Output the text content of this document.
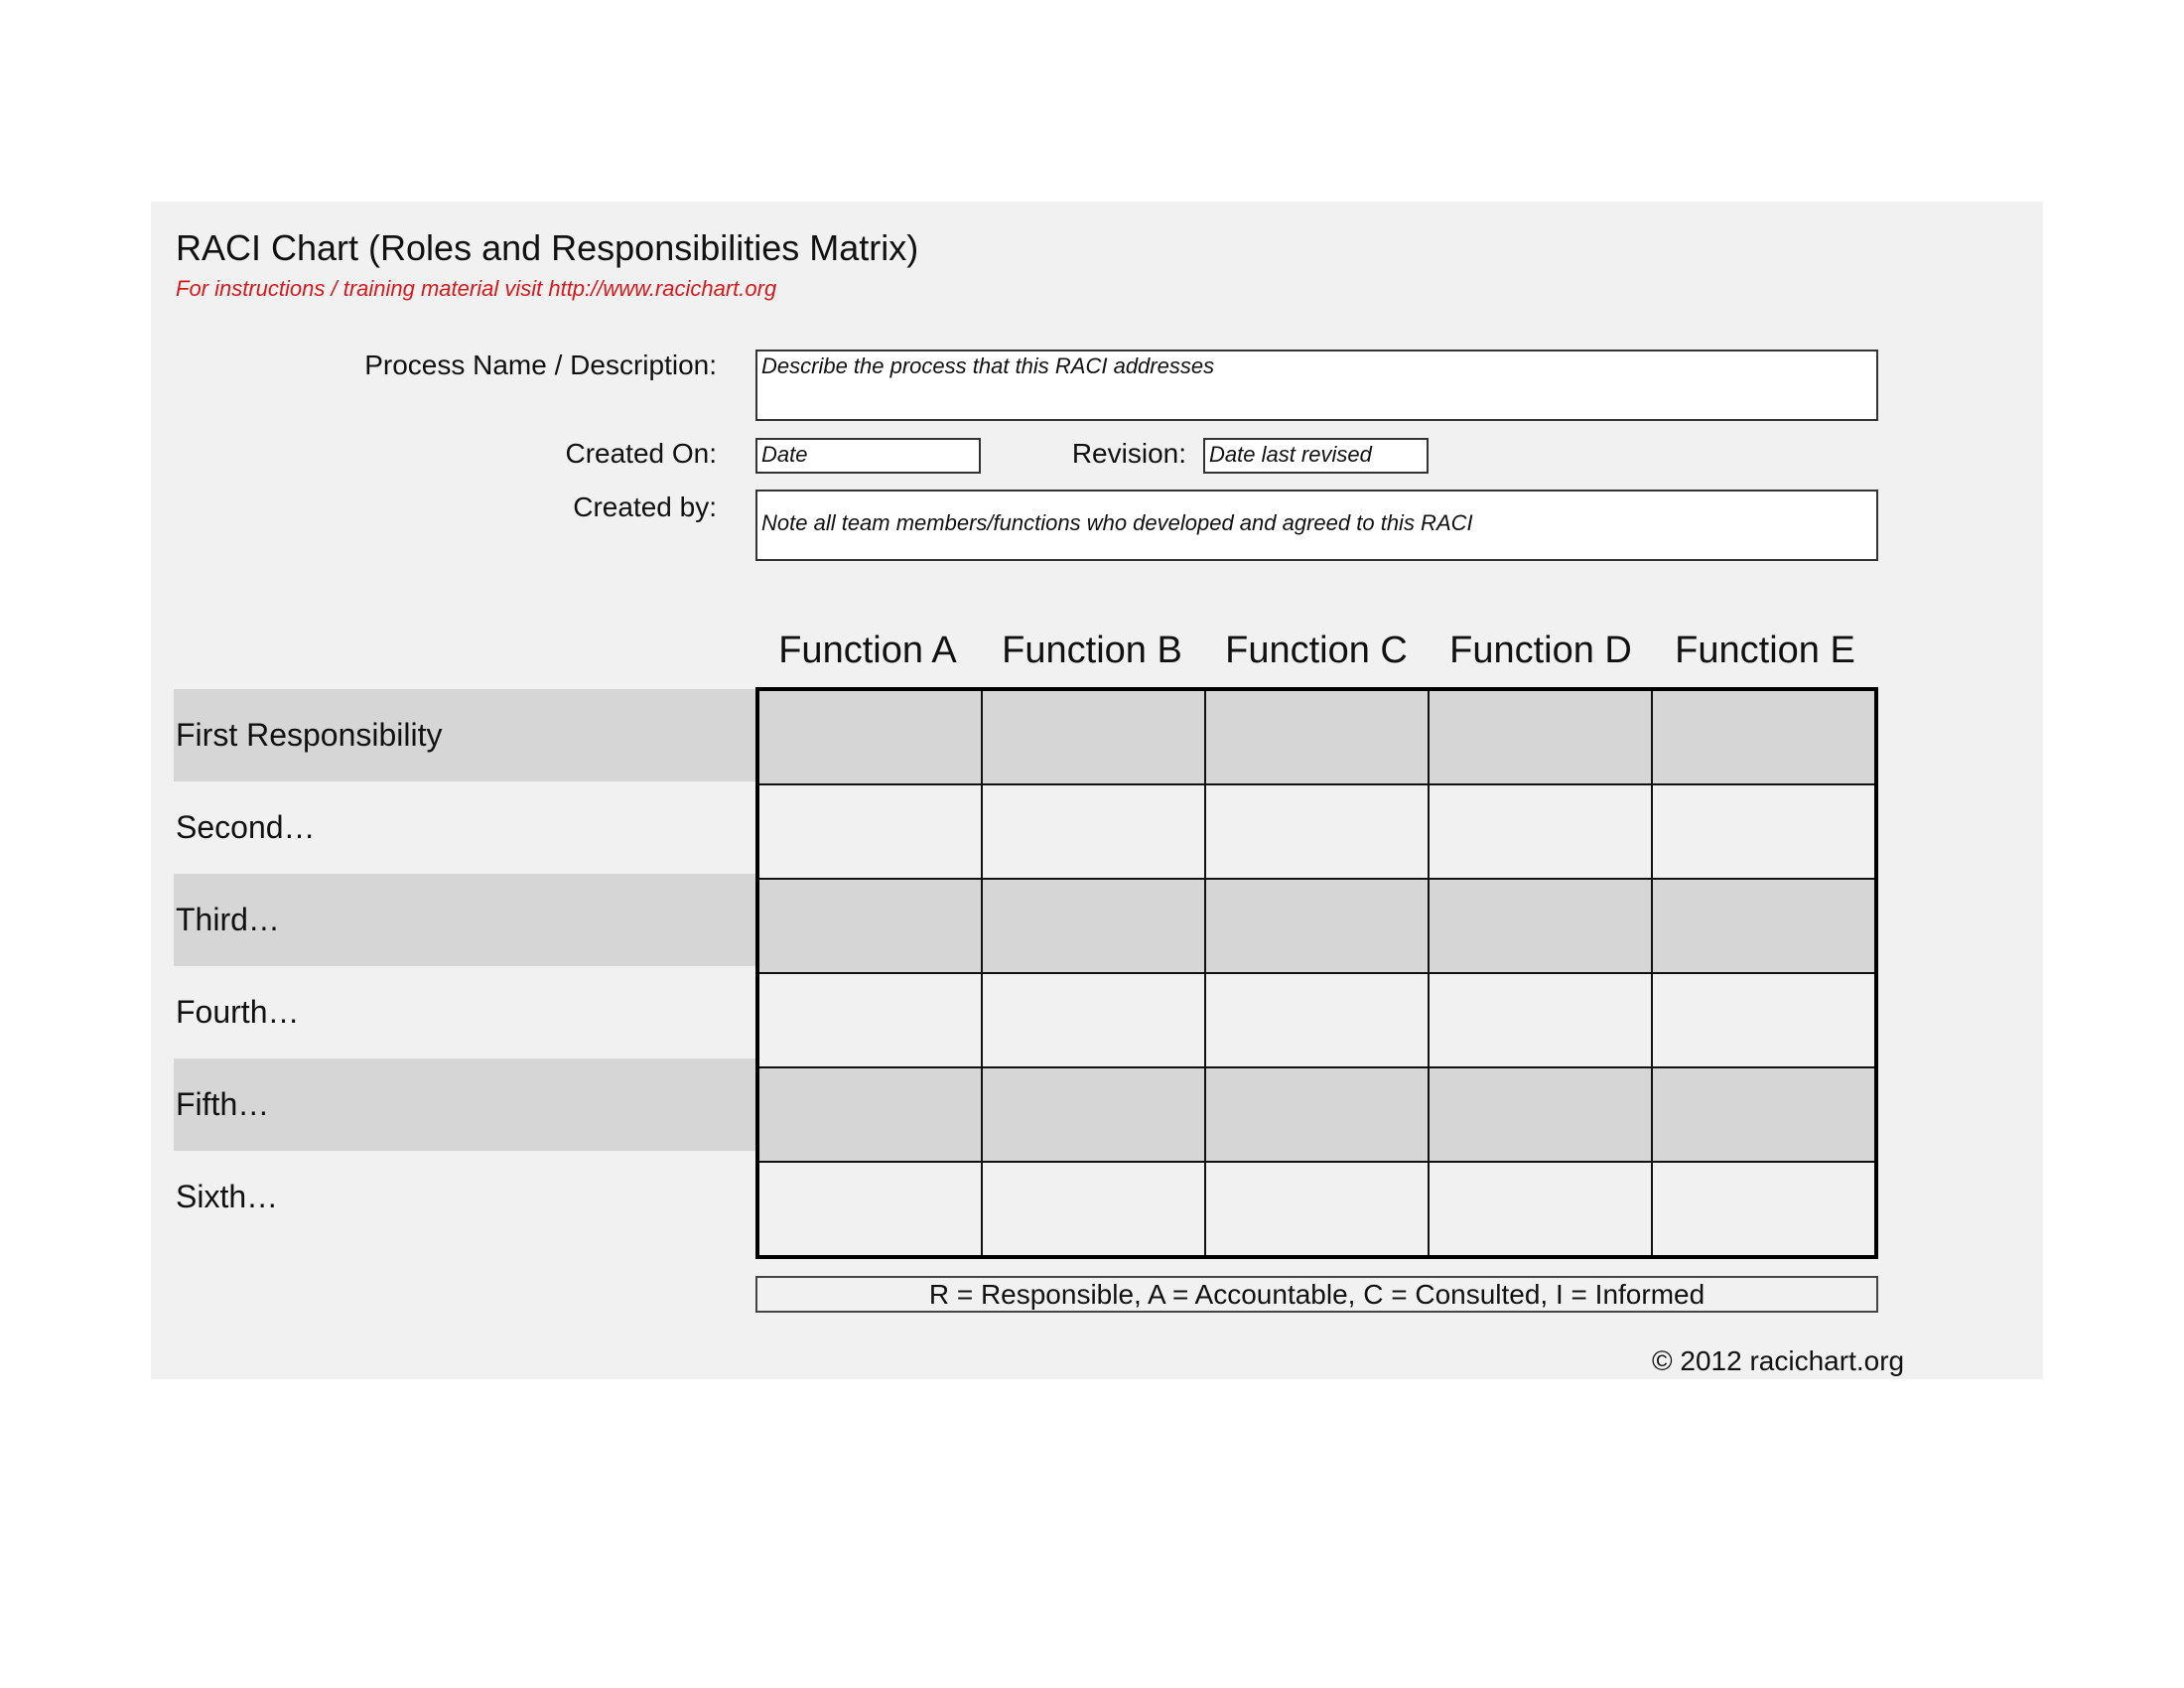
RACI Chart (Roles and Responsibilities Matrix)
For instructions / training material visit http://www.racichart.org
Process Name / Description: Describe the process that this RACI addresses
Created On: Date	Revision: Date last revised
Created by:
Note all team members/functions who developed and agreed to this RACI
Function A	Function B	Function C	Function D	Function E
First Responsibility
Second…
Third…
Fourth…
Fifth…
Sixth…

R = Responsible, A = Accountable, C = Consulted, I = Informed
© 2012 racichart.org
